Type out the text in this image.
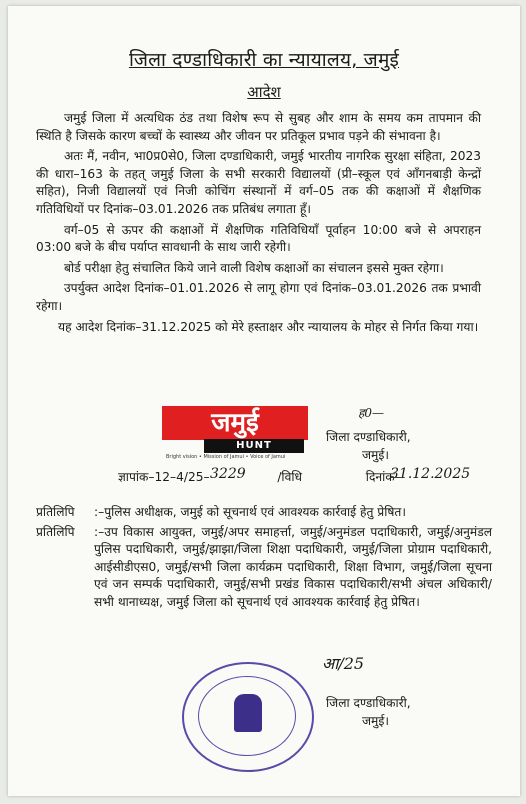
जिला दण्डाधिकारी का न्यायालय, जमुई
आदेश

जमुई जिला में अत्यधिक ठंड तथा विशेष रूप से सुबह और शाम के समय कम तापमान की स्थिति है जिसके कारण बच्चों के स्वास्थ्य और जीवन पर प्रतिकूल प्रभाव पड़ने की संभावना है।

अतः मैं, नवीन, भा0प्र0से0, जिला दण्डाधिकारी, जमुई भारतीय नागरिक सुरक्षा संहिता, 2023 की धारा–163 के तहत् जमुई जिला के सभी सरकारी विद्यालयों (प्री–स्कूल एवं आँगनबाड़ी केन्द्रों सहित), निजी विद्यालयों एवं निजी कोचिंग संस्थानों में वर्ग–05 तक की कक्षाओं में शैक्षणिक गतिविधियों पर दिनांक–03.01.2026 तक प्रतिबंध लगाता हूँ।

वर्ग–05 से ऊपर की कक्षाओं में शैक्षणिक गतिविधियाँ पूर्वाहन 10:00 बजे से अपराहन 03:00 बजे के बीच पर्याप्त सावधानी के साथ जारी रहेगी।

बोर्ड परीक्षा हेतु संचालित किये जाने वाली विशेष कक्षाओं का संचालन इससे मुक्त रहेगा।

उपर्युक्त आदेश दिनांक–01.01.2026 से लागू होगा एवं दिनांक–03.01.2026 तक प्रभावी रहेगा।

यह आदेश दिनांक–31.12.2025 को मेरे हस्ताक्षर और न्यायालय के मोहर से निर्गत किया गया।

जमुई
HUNT
Bright vision • Mission of Jamui • Voice of Jamui
ह0—
जिला दण्डाधिकारी,
जमुई।
ज्ञापांक–12–4/25–	/विधि	दिनांक–
3229	31.12.2025
प्रतिलिपि	:–पुलिस अधीक्षक, जमुई को सूचनार्थ एवं आवश्यक कार्रवाई हेतु प्रेषित।
प्रतिलिपि	:–उप विकास आयुक्त, जमुई/अपर समाहर्त्ता, जमुई/अनुमंडल पदाधिकारी, जमुई/अनुमंडल पुलिस पदाधिकारी, जमुई/झाझा/जिला शिक्षा पदाधिकारी, जमुई/जिला प्रोग्राम पदाधिकारी, आईसीडीएस0, जमुई/सभी जिला कार्यक्रम पदाधिकारी, शिक्षा विभाग, जमुई/जिला सूचना एवं जन सम्पर्क पदाधिकारी, जमुई/सभी प्रखंड विकास पदाधिकारी/सभी अंचल अधिकारी/सभी थानाध्यक्ष, जमुई जिला को सूचनार्थ एवं आवश्यक कार्रवाई हेतु प्रेषित।
आ/25
जिला दण्डाधिकारी,
जमुई।
